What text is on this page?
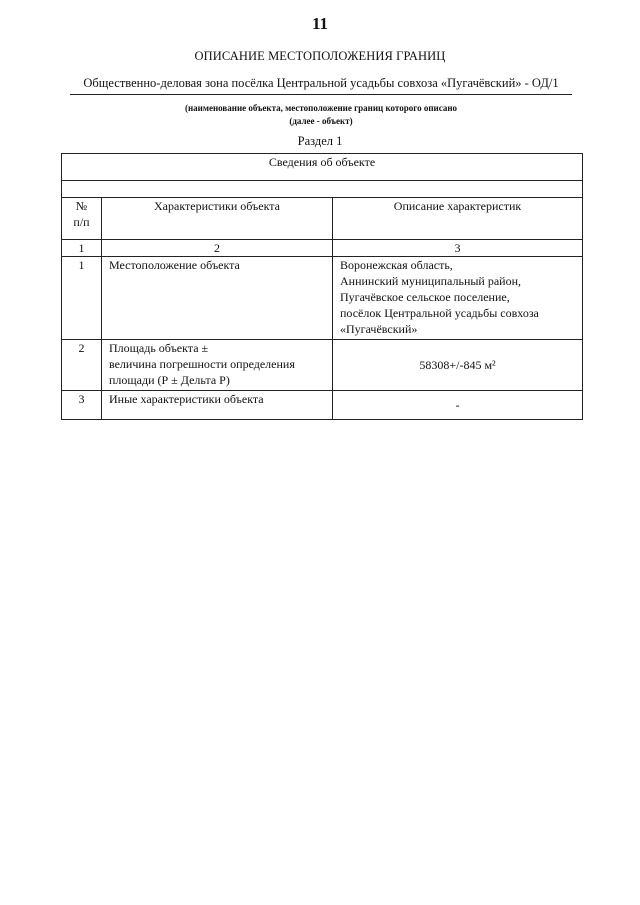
11
ОПИСАНИЕ МЕСТОПОЛОЖЕНИЯ ГРАНИЦ
Общественно-деловая зона посёлка Центральной усадьбы совхоза «Пугачёвский» - ОД/1
(наименование объекта, местоположение границ которого описано
(далее - объект)
Раздел 1
Сведения об объекте		

№
п/п	Характеристики объекта	Описание характеристик
1	2	3
1	Местоположение объекта	Воронежская область,
Аннинский муниципальный район,
Пугачёвское сельское поселение,
посёлок Центральной усадьбы совхоза
«Пугачёвский»

2	Площадь объекта ±
величина погрешности определения
площади (Р ± Дельта Р)	58308+/-845 м²
3	Иные характеристики объекта	-
